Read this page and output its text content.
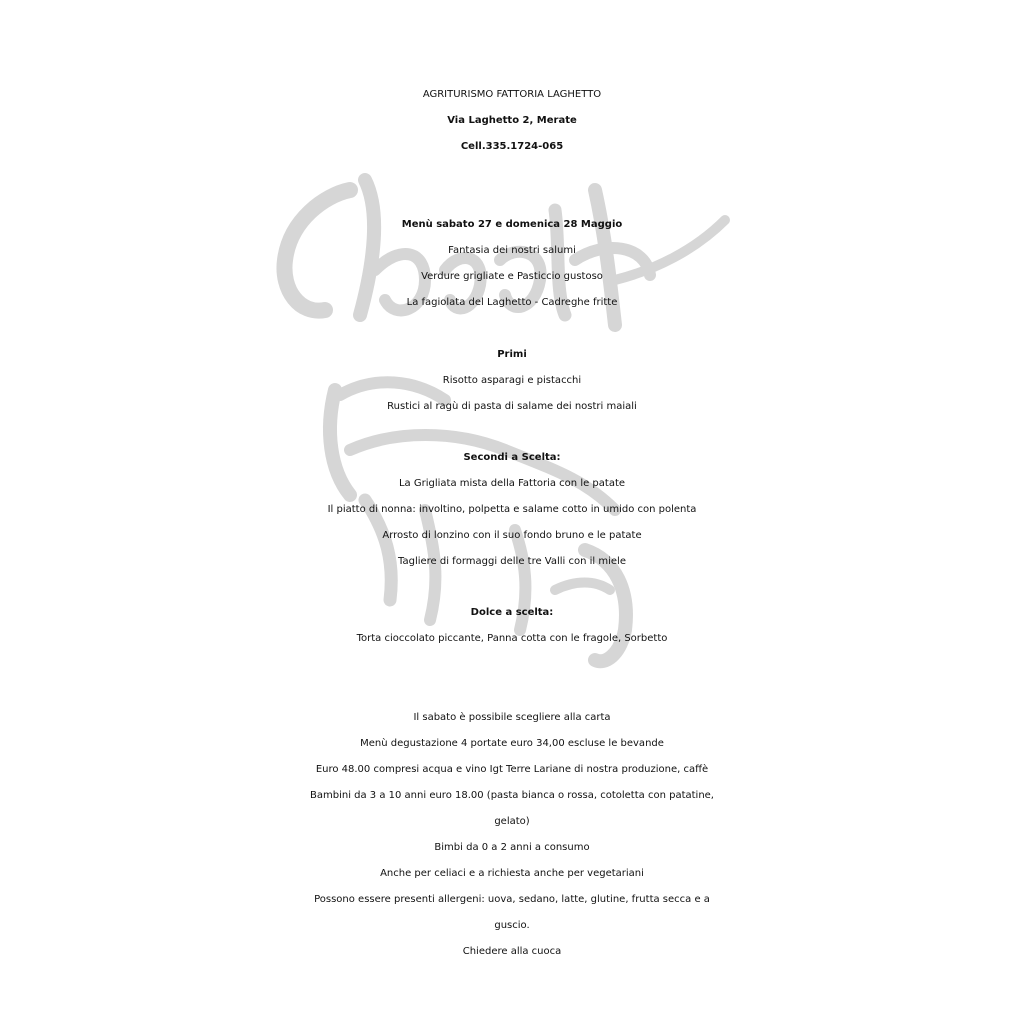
AGRITURISMO FATTORIA LAGHETTO
Via Laghetto 2, Merate
Cell.335.1724-065
Menù sabato 27 e domenica 28 Maggio
Fantasia dei nostri salumi
Verdure grigliate e Pasticcio gustoso
La fagiolata del Laghetto - Cadreghe fritte
Primi
Risotto asparagi e pistacchi
Rustici al ragù di pasta di salame dei nostri maiali
Secondi a Scelta:
La Grigliata mista della Fattoria con le patate
Il piatto di nonna: involtino, polpetta e salame cotto in umido con polenta
Arrosto di lonzino con il suo fondo bruno e le patate
Tagliere di formaggi delle tre Valli con il miele
Dolce a scelta:
Torta cioccolato piccante, Panna cotta con le fragole, Sorbetto
Il sabato è possibile scegliere alla carta
Menù degustazione 4 portate euro 34,00 escluse le bevande
Euro 48.00 compresi acqua e vino Igt Terre Lariane di nostra produzione, caffè
Bambini da 3 a 10 anni euro 18.00 (pasta bianca o rossa, cotoletta con patatine,
gelato)
Bimbi da 0 a 2 anni a consumo
Anche per celiaci e a richiesta anche per vegetariani
Possono essere presenti allergeni: uova, sedano, latte, glutine, frutta secca e a
guscio.
Chiedere alla cuoca
